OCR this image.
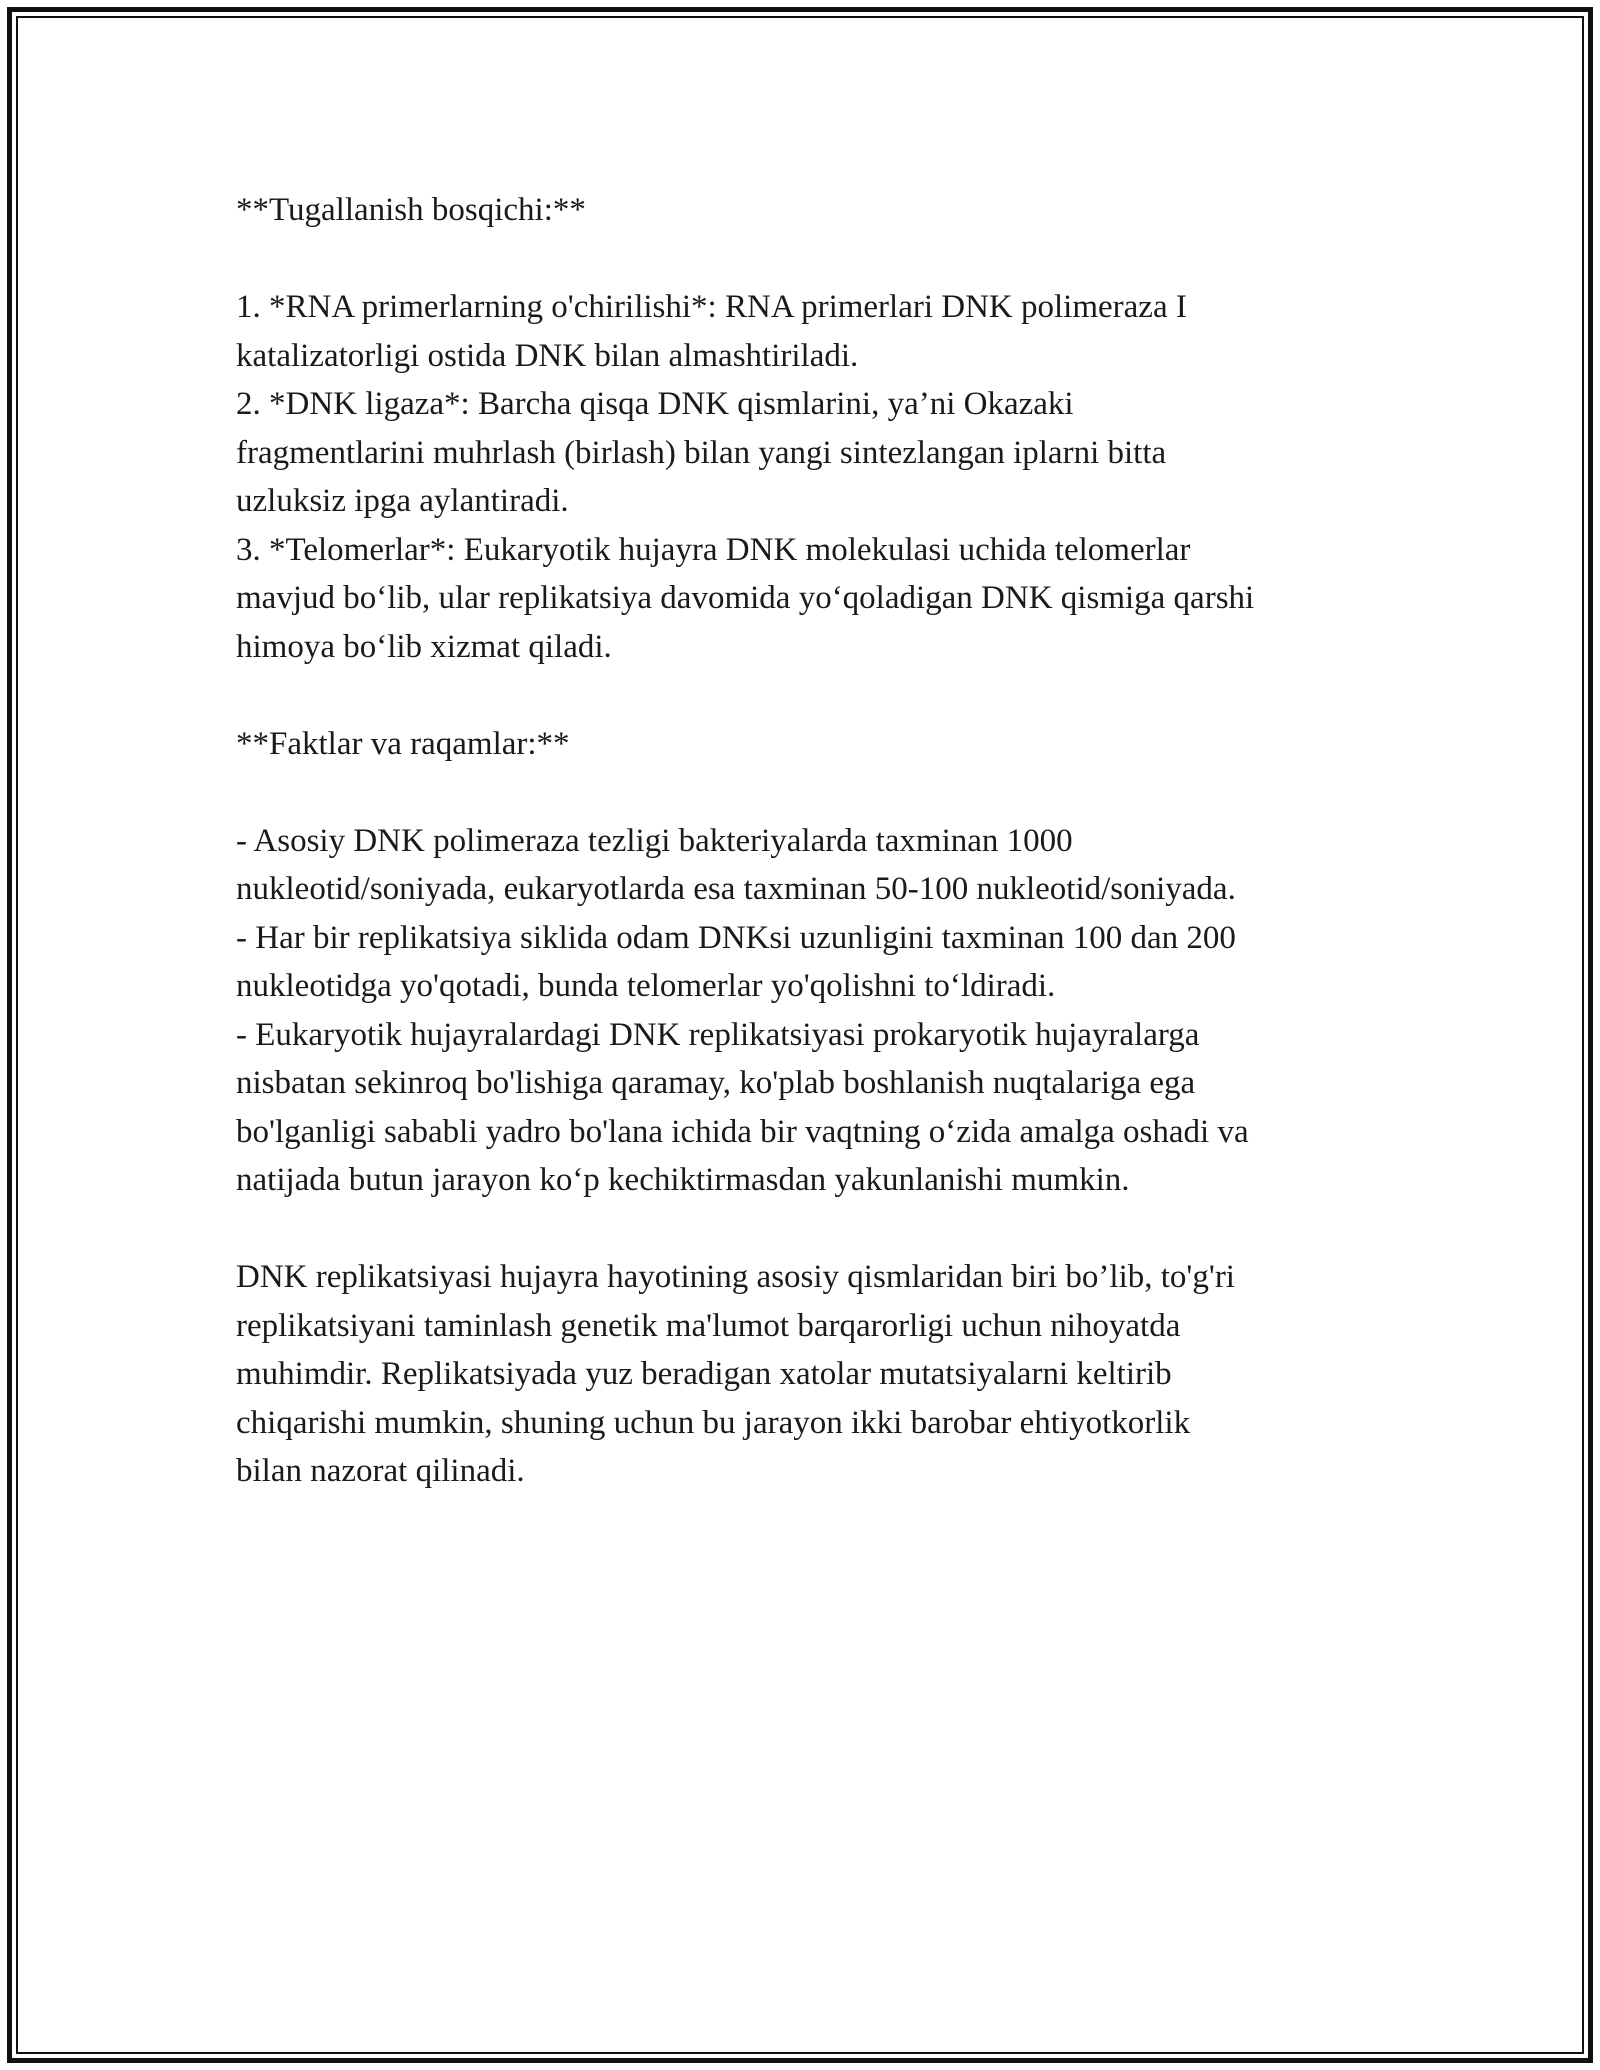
**Tugallanish bosqichi:**

1. *RNA primerlarning o'chirilishi*: RNA primerlari DNK polimeraza I
katalizatorligi ostida DNK bilan almashtiriladi.

2. *DNK ligaza*: Barcha qisqa DNK qismlarini, ya’ni Okazaki
fragmentlarini muhrlash (birlash) bilan yangi sintezlangan iplarni bitta
uzluksiz ipga aylantiradi.

3. *Telomerlar*: Eukaryotik hujayra DNK molekulasi uchida telomerlar
mavjud bo‘lib, ular replikatsiya davomida yo‘qoladigan DNK qismiga qarshi
himoya bo‘lib xizmat qiladi.

**Faktlar va raqamlar:**

- Asosiy DNK polimeraza tezligi bakteriyalarda taxminan 1000
nukleotid/soniyada, eukaryotlarda esa taxminan 50-100 nukleotid/soniyada.

- Har bir replikatsiya siklida odam DNKsi uzunligini taxminan 100 dan 200
nukleotidga yo'qotadi, bunda telomerlar yo'qolishni to‘ldiradi.

- Eukaryotik hujayralardagi DNK replikatsiyasi prokaryotik hujayralarga
nisbatan sekinroq bo'lishiga qaramay, ko'plab boshlanish nuqtalariga ega
bo'lganligi sababli yadro bo'lana ichida bir vaqtning o‘zida amalga oshadi va
natijada butun jarayon ko‘p kechiktirmasdan yakunlanishi mumkin.

DNK replikatsiyasi hujayra hayotining asosiy qismlaridan biri bo’lib, to'g'ri
replikatsiyani taminlash genetik ma'lumot barqarorligi uchun nihoyatda
muhimdir. Replikatsiyada yuz beradigan xatolar mutatsiyalarni keltirib
chiqarishi mumkin, shuning uchun bu jarayon ikki barobar ehtiyotkorlik
bilan nazorat qilinadi.
